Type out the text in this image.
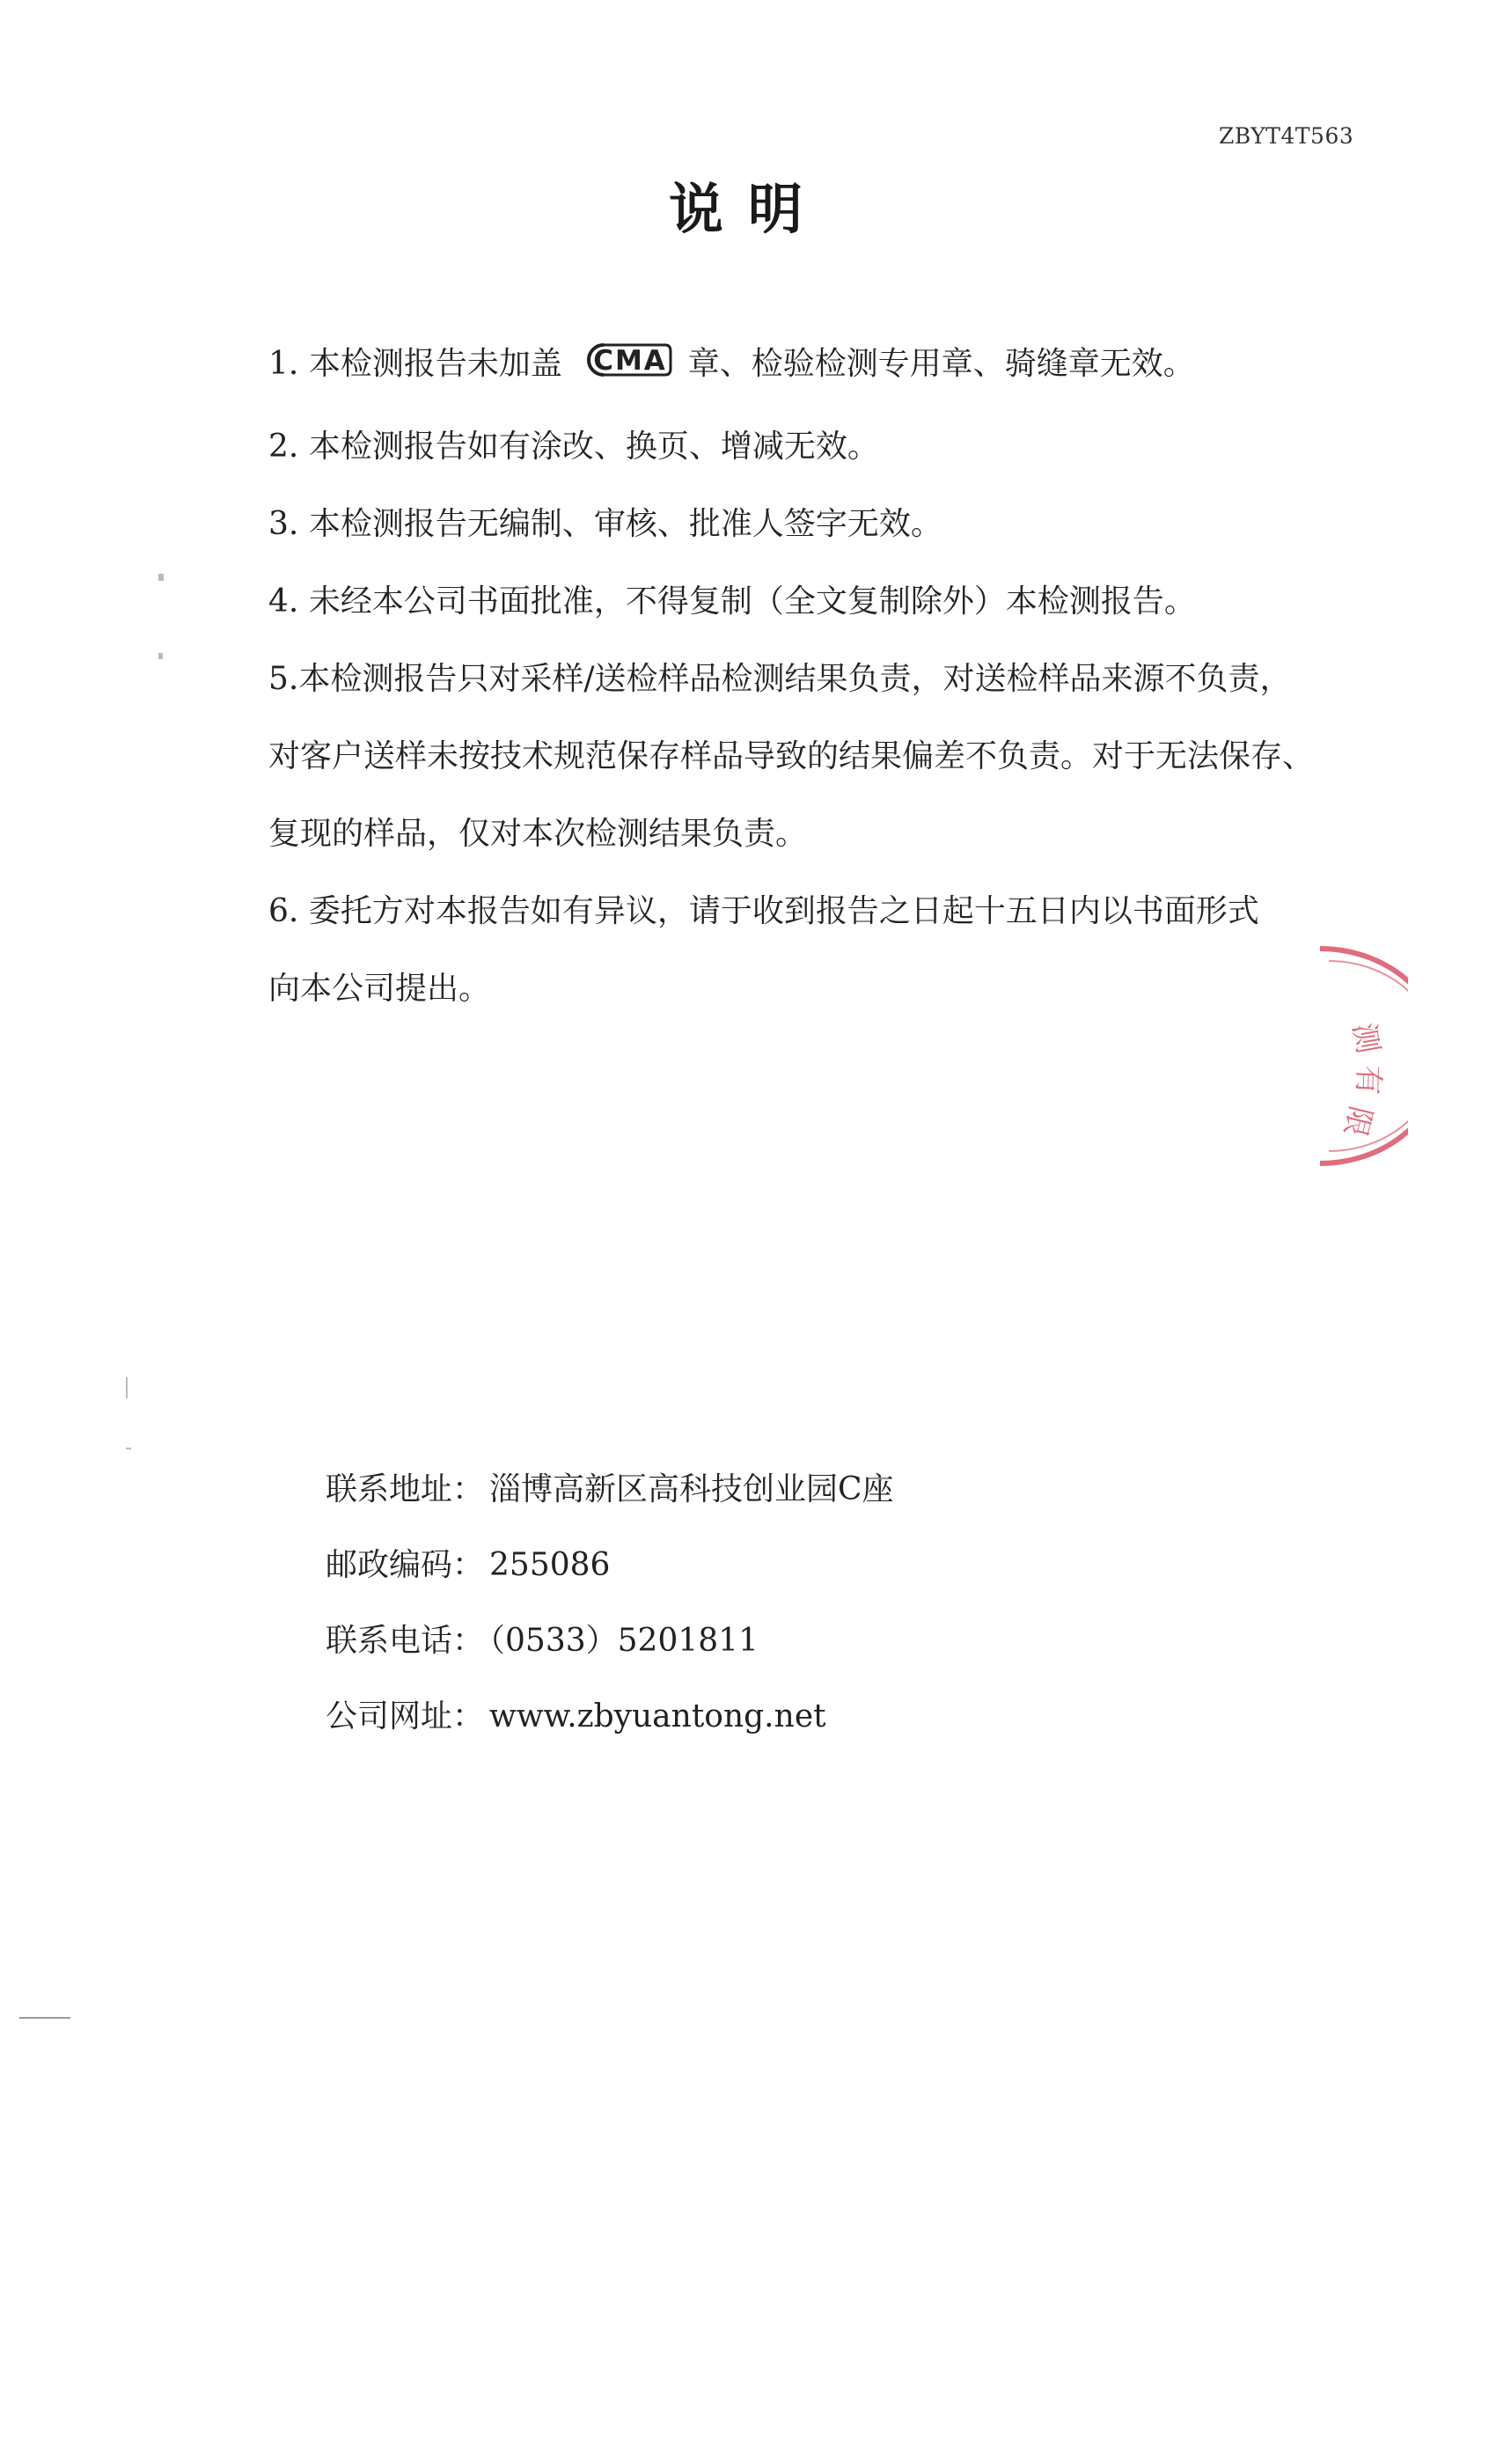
ZBYT4T563
说明
1. 本检测报告未加盖 CMA 章、检验检测专用章、骑缝章无效。
2. 本检测报告如有涂改、换页、增减无效。
3. 本检测报告无编制、审核、批准人签字无效。
4. 未经本公司书面批准，不得复制（全文复制除外）本检测报告。
5.本检测报告只对采样/送检样品检测结果负责，对送检样品来源不负责，
对客户送样未按技术规范保存样品导致的结果偏差不负责。对于无法保存、
复现的样品，仅对本次检测结果负责。
6. 委托方对本报告如有异议，请于收到报告之日起十五日内以书面形式
向本公司提出。
测
有
限
联系地址： 淄博高新区高科技创业园C座
邮政编码： 255086
联系电话： （0533）5201811
公司网址： www.zbyuantong.net
